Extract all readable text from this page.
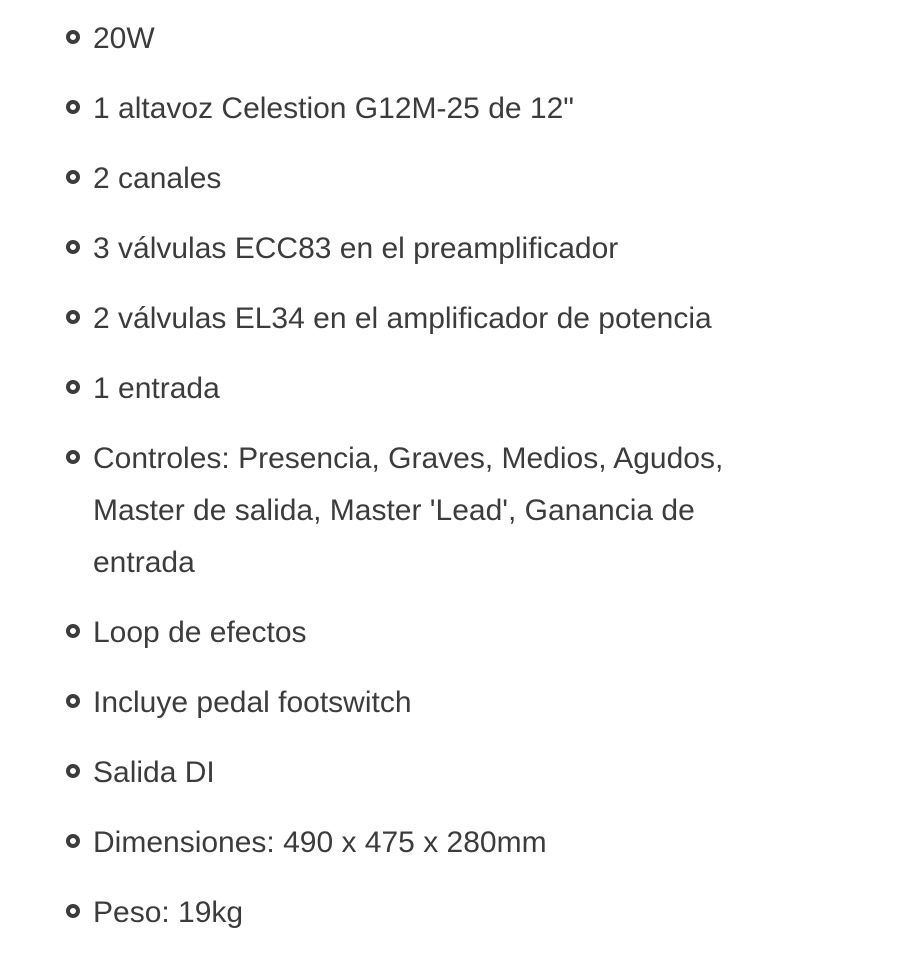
20W
1 altavoz Celestion G12M-25 de 12"
2 canales
3 válvulas ECC83 en el preamplificador
2 válvulas EL34 en el amplificador de potencia
1 entrada
Controles: Presencia, Graves, Medios, Agudos, Master de salida, Master 'Lead', Ganancia de entrada
Loop de efectos
Incluye pedal footswitch
Salida DI
Dimensiones: 490 x 475 x 280mm
Peso: 19kg
